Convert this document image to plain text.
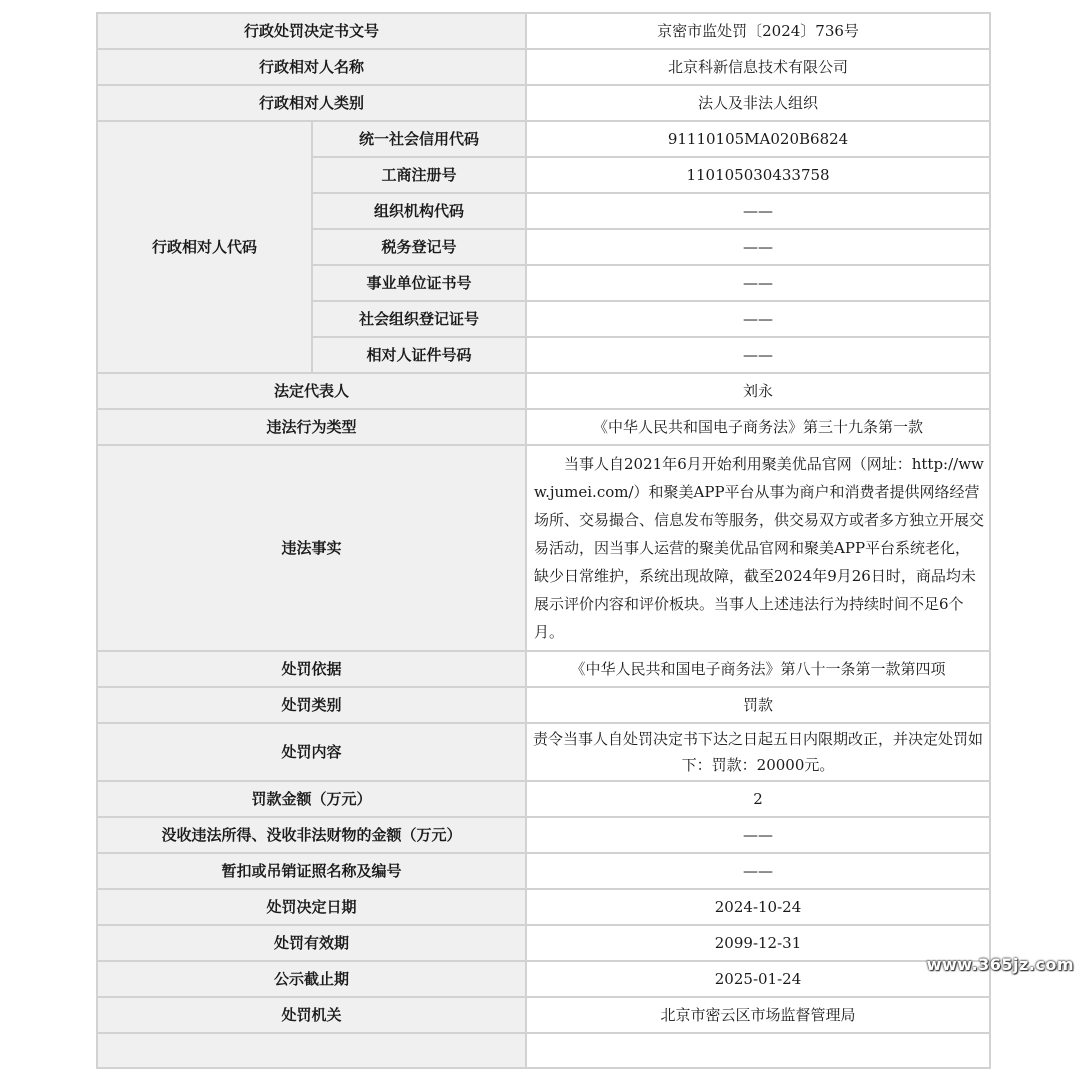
行政处罚决定书文号		京密市监处罚〔2024〕736号
行政相对人名称		北京科新信息技术有限公司
行政相对人类别		法人及非法人组织
行政相对人代码	统一社会信用代码	91110105MA020B6824
	工商注册号	110105030433758
	组织机构代码	——
	税务登记号	——
	事业单位证书号	——
	社会组织登记证号	——
	相对人证件号码	——
法定代表人		刘永
违法行为类型		《中华人民共和国电子商务法》第三十九条第一款
违法事实		当事人自2021年6月开始利用聚美优品官网（网址：http://www.jumei.com/）和聚美APP平台从事为商户和消费者提供网络经营场所、交易撮合、信息发布等服务，供交易双方或者多方独立开展交易活动，因当事人运营的聚美优品官网和聚美APP平台系统老化，缺少日常维护，系统出现故障，截至2024年9月26日时，商品均未展示评价内容和评价板块。当事人上述违法行为持续时间不足6个月。

处罚依据		《中华人民共和国电子商务法》第八十一条第一款第四项
处罚类别		罚款
处罚内容		责令当事人自处罚决定书下达之日起五日内限期改正，并决定处罚如下：罚款：20000元。
罚款金额（万元）		2
没收违法所得、没收非法财物的金额（万元）		——
暂扣或吊销证照名称及编号		——
处罚决定日期		2024-10-24
处罚有效期		2099-12-31
公示截止期		2025-01-24
处罚机关		北京市密云区市场监督管理局

www.365jz.com
